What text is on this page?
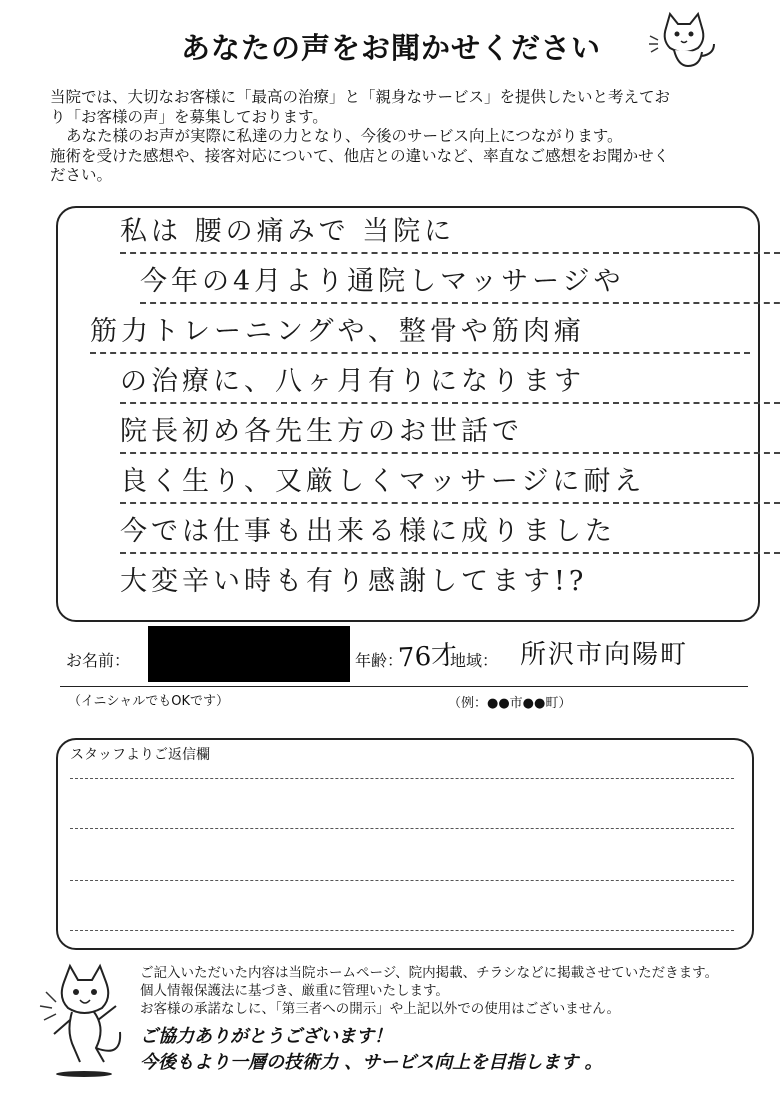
あなたの声をお聞かせください

当院では、大切なお客様に「最高の治療」と「親身なサービス」を提供したいと考えてお

り「お客様の声」を募集しております。

あなた様のお声が実際に私達の力となり、今後のサービス向上につながります。

施術を受けた感想や、接客対応について、他店との違いなど、率直なご感想をお聞かせく

ださい。

私は 腰の痛みで 当院に
今年の4月より通院しマッサージや
筋力トレーニングや、整骨や筋肉痛
の治療に、八ヶ月有りになります
院長初め各先生方のお世話で
良く生り、又厳しくマッサージに耐え
今では仕事も出来る様に成りました
大変辛い時も有り感謝してます!?
お名前：	年齢：
76才
地域： 所沢市向陽町
（イニシャルでもOKです）	（例：●●市●●町）
スタッフよりご返信欄

ご記入いただいた内容は当院ホームページ、院内掲載、チラシなどに掲載させていただきます。

個人情報保護法に基づき、厳重に管理いたします。

お客様の承諾なしに、「第三者への開示」や上記以外での使用はございません。

ご協力ありがとうございます！

今後もより一層の技術力 、サービス向上を目指します 。
